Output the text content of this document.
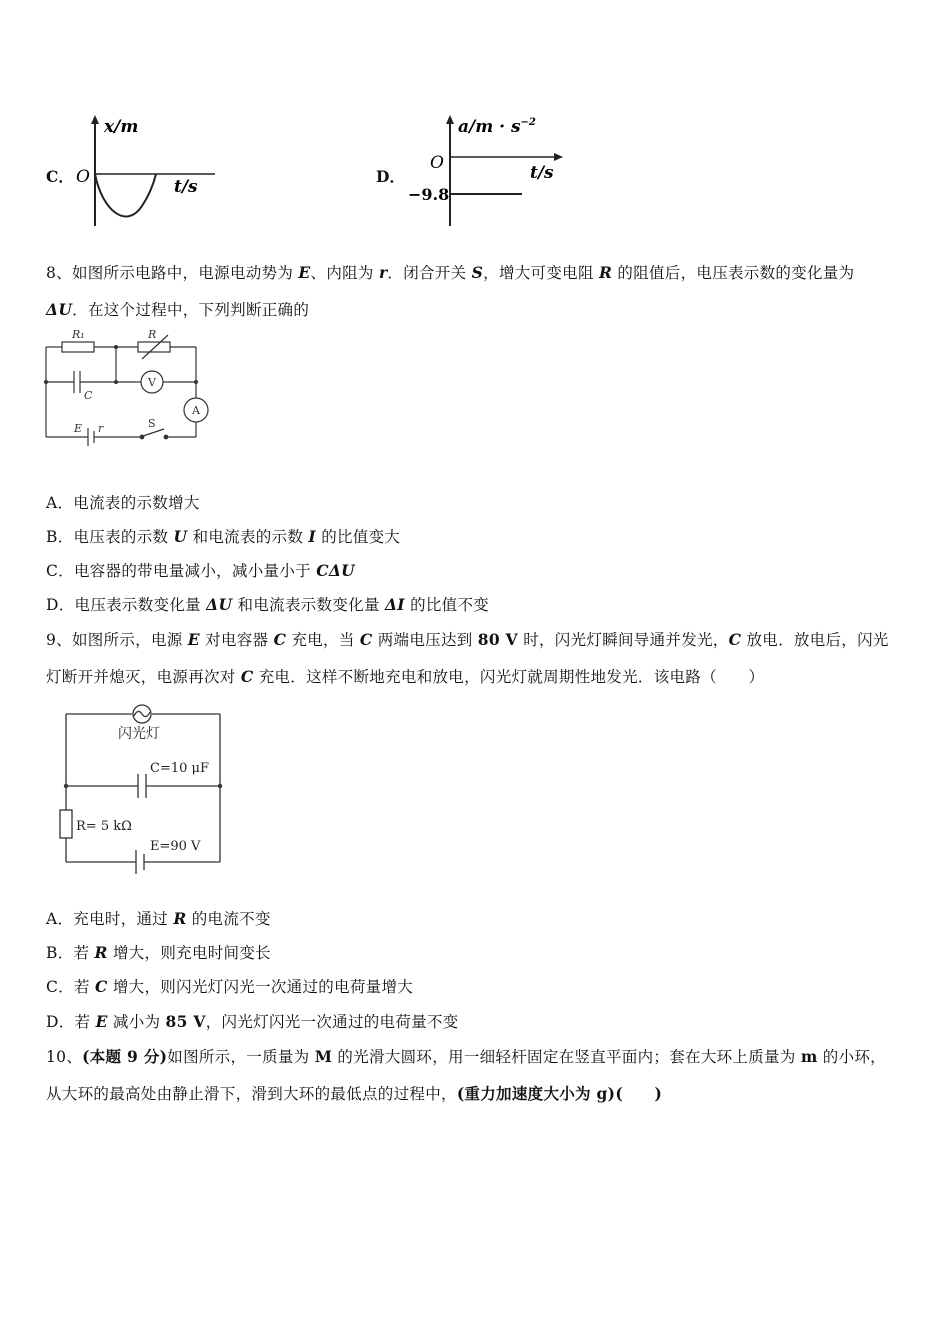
C．
x/m
O	t/s
D．
$a/m \cdot s^{-2}$
O	t/s
−9.8
8、如图所示电路中，电源电动势为 E、内阻为 r．闭合开关 S，增大可变电阻 R 的阻值后，电压表示数的变化量为
ΔU．在这个过程中，下列判断正确的
R₁	R
C
E r
V
A
S
A．电流表的示数增大
B．电压表的示数 U 和电流表的示数 I 的比值变大
C．电容器的带电量减小，减小量小于 CΔU
D．电压表示数变化量 ΔU 和电流表示数变化量 ΔI 的比值不变
9、如图所示，电源 E 对电容器 C 充电，当 C 两端电压达到 80 V 时，闪光灯瞬间导通并发光，C 放电．放电后，闪光
灯断开并熄灭，电源再次对 C 充电．这样不断地充电和放电，闪光灯就周期性地发光．该电路（　　）
闪光灯
C=10 μF
R= 5 kΩ
E=90 V
A．充电时，通过 R 的电流不变
B．若 R 增大，则充电时间变长
C．若 C 增大，则闪光灯闪光一次通过的电荷量增大
D．若 E 减小为 85 V，闪光灯闪光一次通过的电荷量不变
10、(本题 9 分)如图所示，一质量为 M 的光滑大圆环，用一细轻杆固定在竖直平面内；套在大环上质量为 m 的小环，
从大环的最高处由静止滑下，滑到大环的最低点的过程中，(重力加速度大小为 g)(　　)
